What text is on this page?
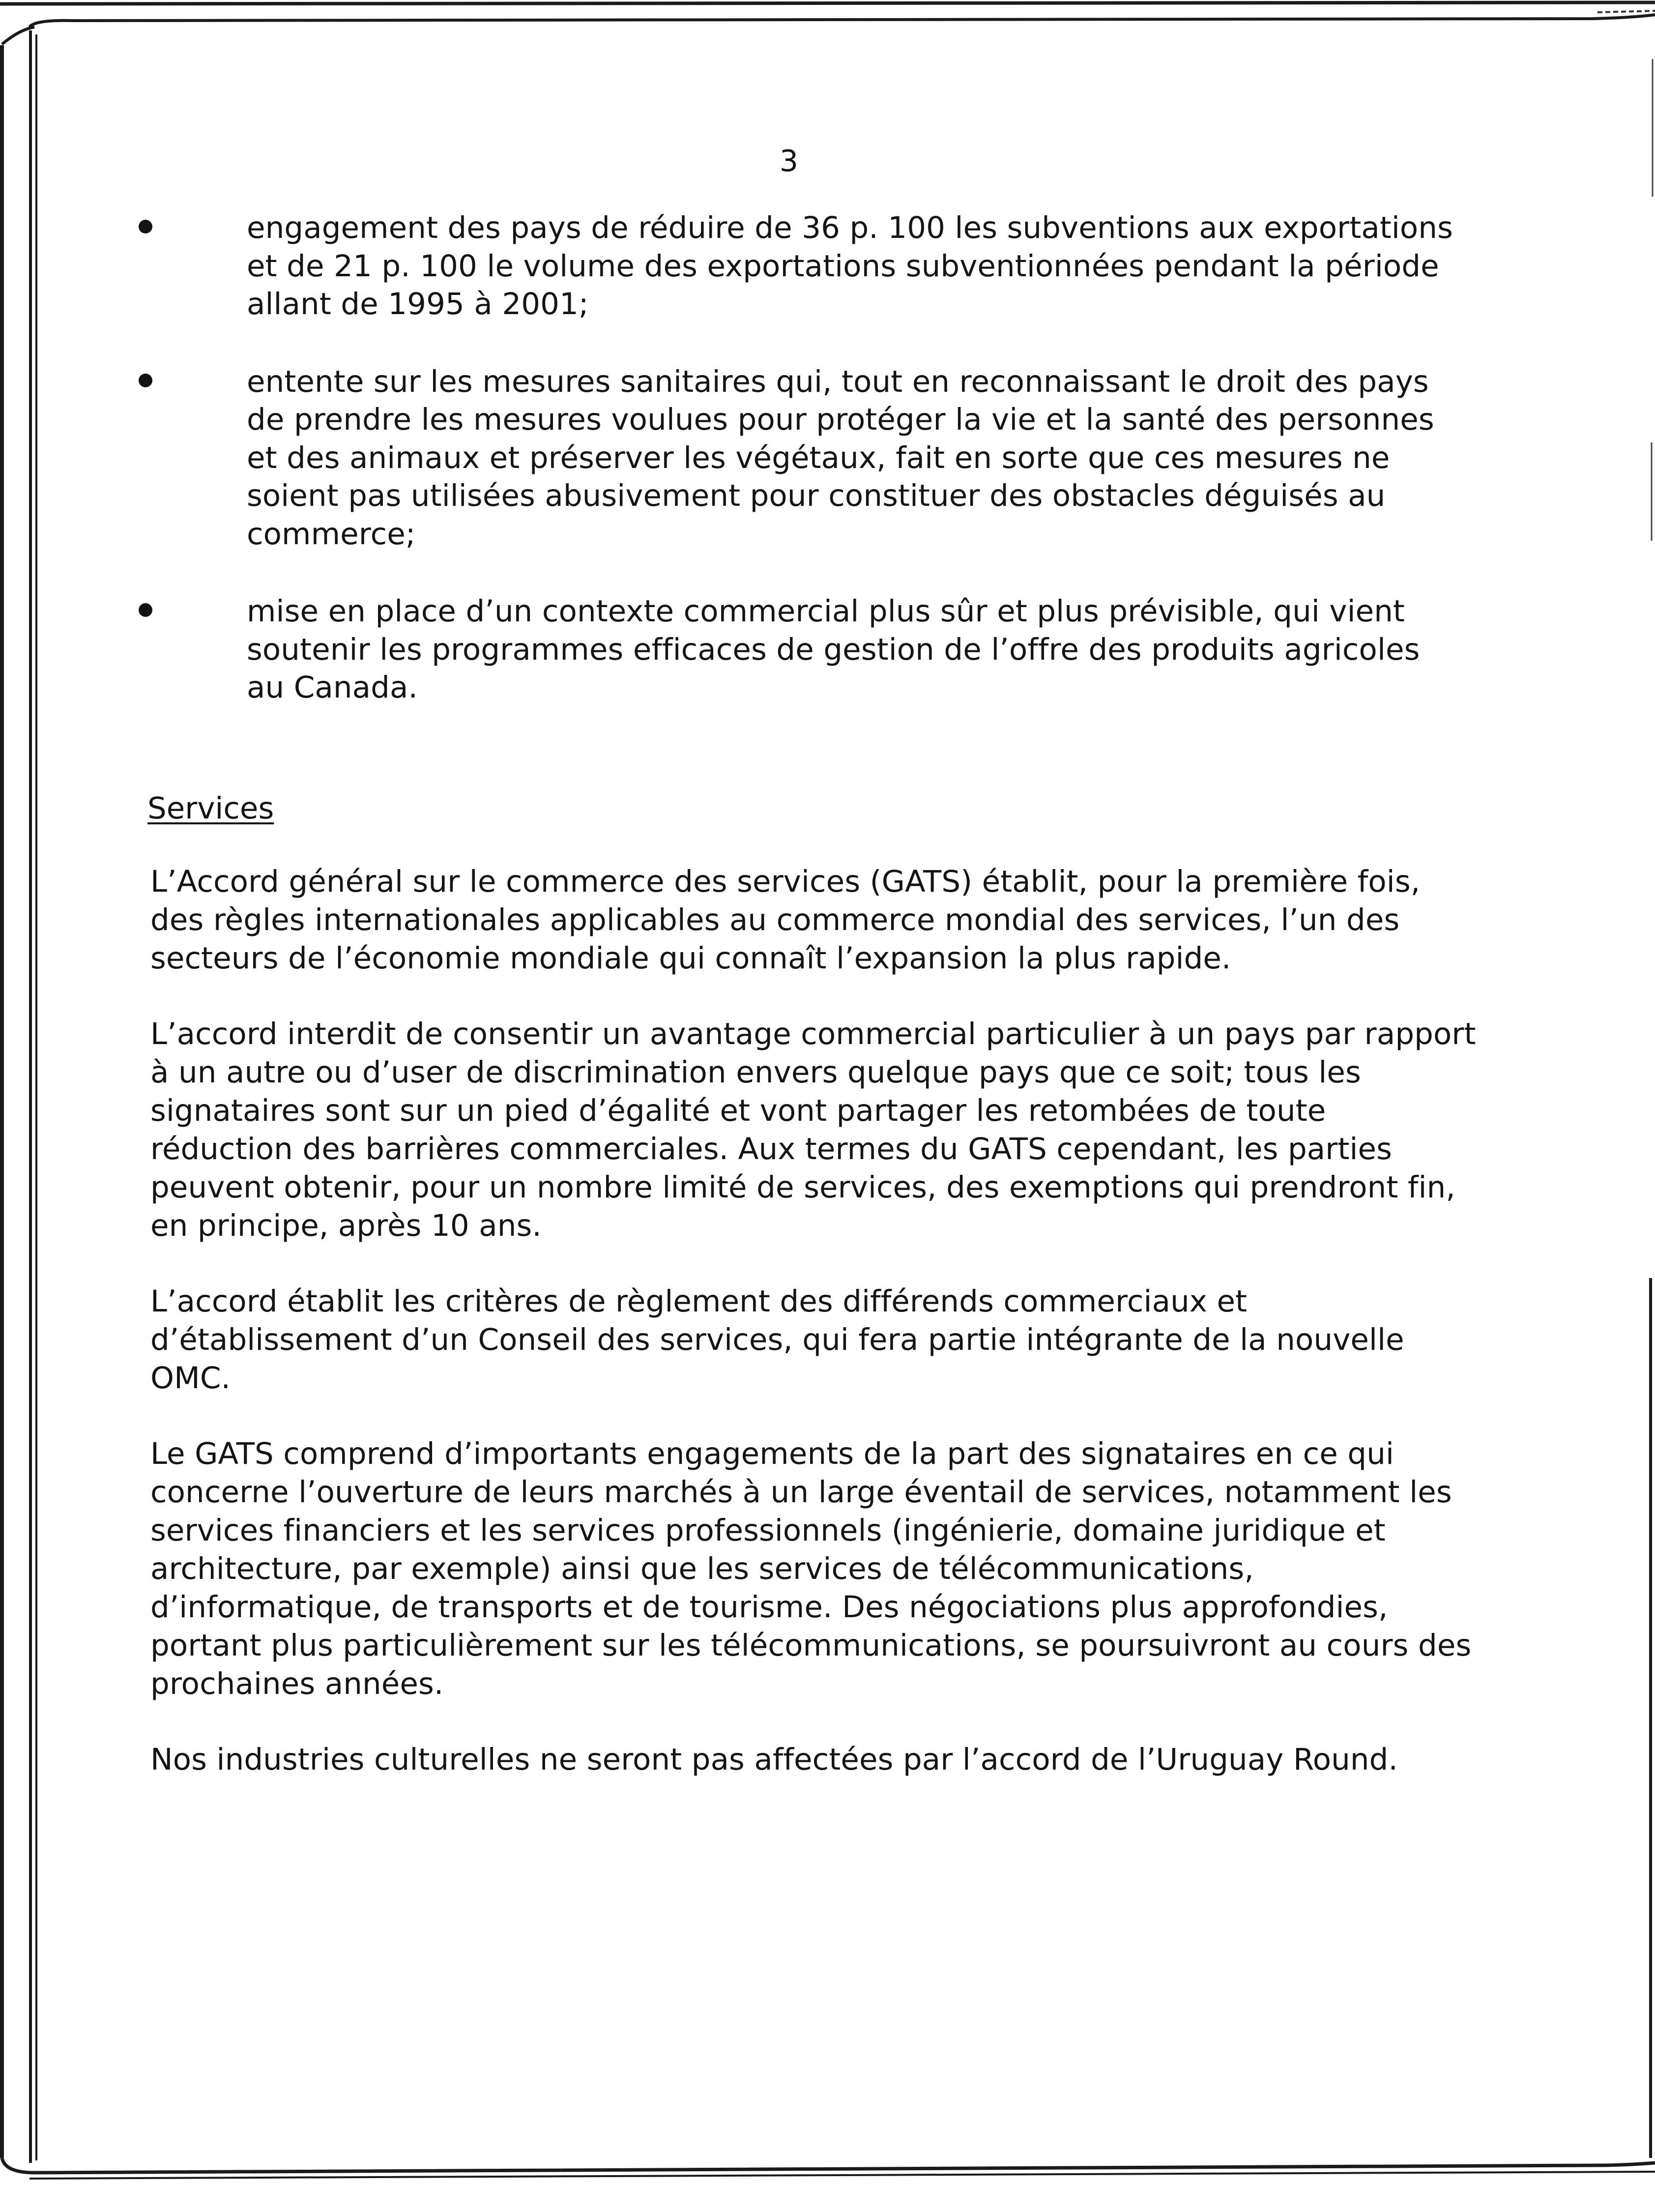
3
engagement des pays de réduire de 36 p. 100 les subventions aux exportations et de 21 p. 100 le volume des exportations subventionnées pendant la période allant de 1995 à 2001;
entente sur les mesures sanitaires qui, tout en reconnaissant le droit des pays de prendre les mesures voulues pour protéger la vie et la santé des personnes et des animaux et préserver les végétaux, fait en sorte que ces mesures ne soient pas utilisées abusivement pour constituer des obstacles déguisés au commerce;
mise en place d’un contexte commercial plus sûr et plus prévisible, qui vient soutenir les programmes efficaces de gestion de l’offre des produits agricoles au Canada.
Services

L’Accord général sur le commerce des services (GATS) établit, pour la première fois, des règles internationales applicables au commerce mondial des services, l’un des secteurs de l’économie mondiale qui connaît l’expansion la plus rapide.

L’accord interdit de consentir un avantage commercial particulier à un pays par rapport à un autre ou d’user de discrimination envers quelque pays que ce soit; tous les signataires sont sur un pied d’égalité et vont partager les retombées de toute réduction des barrières commerciales. Aux termes du GATS cependant, les parties peuvent obtenir, pour un nombre limité de services, des exemptions qui prendront fin, en principe, après 10 ans.

L’accord établit les critères de règlement des différends commerciaux et d’établissement d’un Conseil des services, qui fera partie intégrante de la nouvelle OMC.

Le GATS comprend d’importants engagements de la part des signataires en ce qui concerne l’ouverture de leurs marchés à un large éventail de services, notamment les services financiers et les services professionnels (ingénierie, domaine juridique et architecture, par exemple) ainsi que les services de télécommunications, d’informatique, de transports et de tourisme. Des négociations plus approfondies, portant plus particulièrement sur les télécommunications, se poursuivront au cours des prochaines années.

Nos industries culturelles ne seront pas affectées par l’accord de l’Uruguay Round.
